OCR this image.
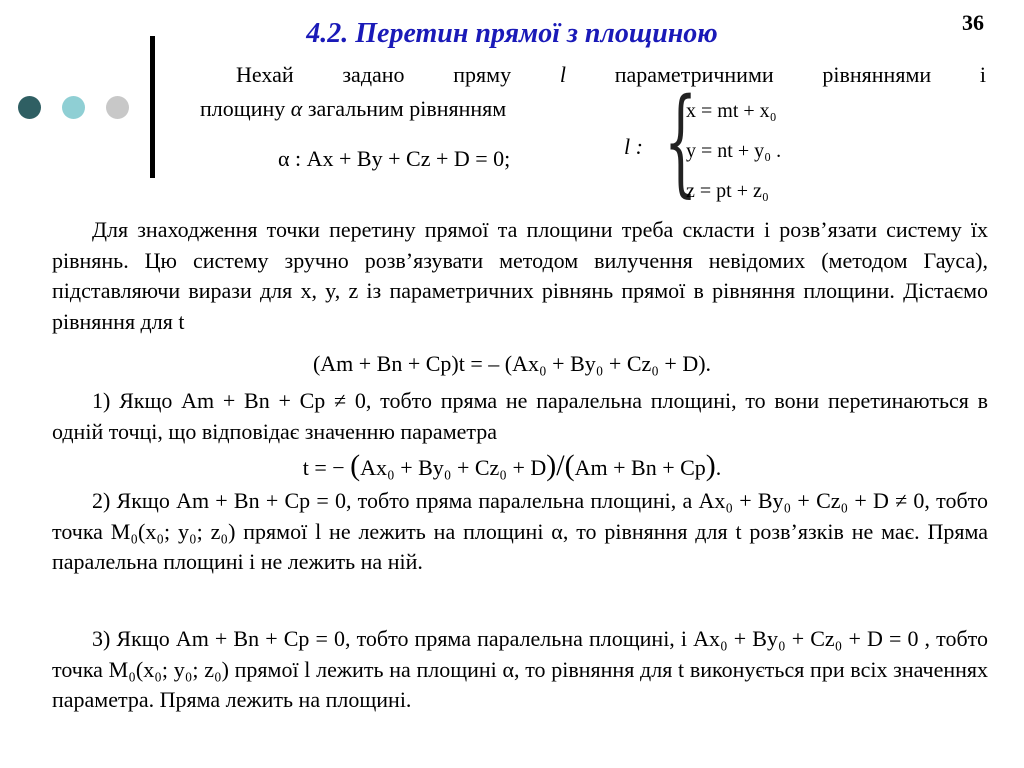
36
4.2. Перетин прямої з площиною
Нехай задано пряму l параметричними рівняннями і
площину α загальним рівнянням
α : Ax + By + Cz + D = 0;	l : {
x = mt + x₀
y = nt + y₀ .
z = pt + z₀
Для знаходження точки перетину прямої та площини треба скласти і розв’язати систему їх рівнянь. Цю систему зручно розв’язувати методом вилучення невідомих (методом Гауса), підставляючи вирази для x, y, z із параметричних рівнянь прямої в рівняння площини. Дістаємо рівняння для t
(Am + Bn + Cp)t = – (Ax₀ + By₀ + Cz₀ + D).
1) Якщо Am + Bn + Cp ≠ 0, тобто пряма не паралельна площині, то вони перетинаються в одній точці, що відповідає значенню параметра
t = − (Ax₀ + By₀ + Cz₀ + D)/(Am + Bn + Cp).
2) Якщо Am + Bn + Cp = 0, тобто пряма паралельна площині, а Ax₀ + By₀ + Cz₀ + D ≠ 0, тобто точка M₀(x₀; y₀; z₀) прямої l не лежить на площині α, то рівняння для t розв’язків не має. Пряма паралельна площині і не лежить на ній.
3) Якщо Am + Bn + Cp = 0, тобто пряма паралельна площині, і Ax₀ + By₀ + Cz₀ + D = 0 , тобто точка M₀(x₀; y₀; z₀) прямої l лежить на площині α, то рівняння для t виконується при всіх значеннях параметра. Пряма лежить на площині.
